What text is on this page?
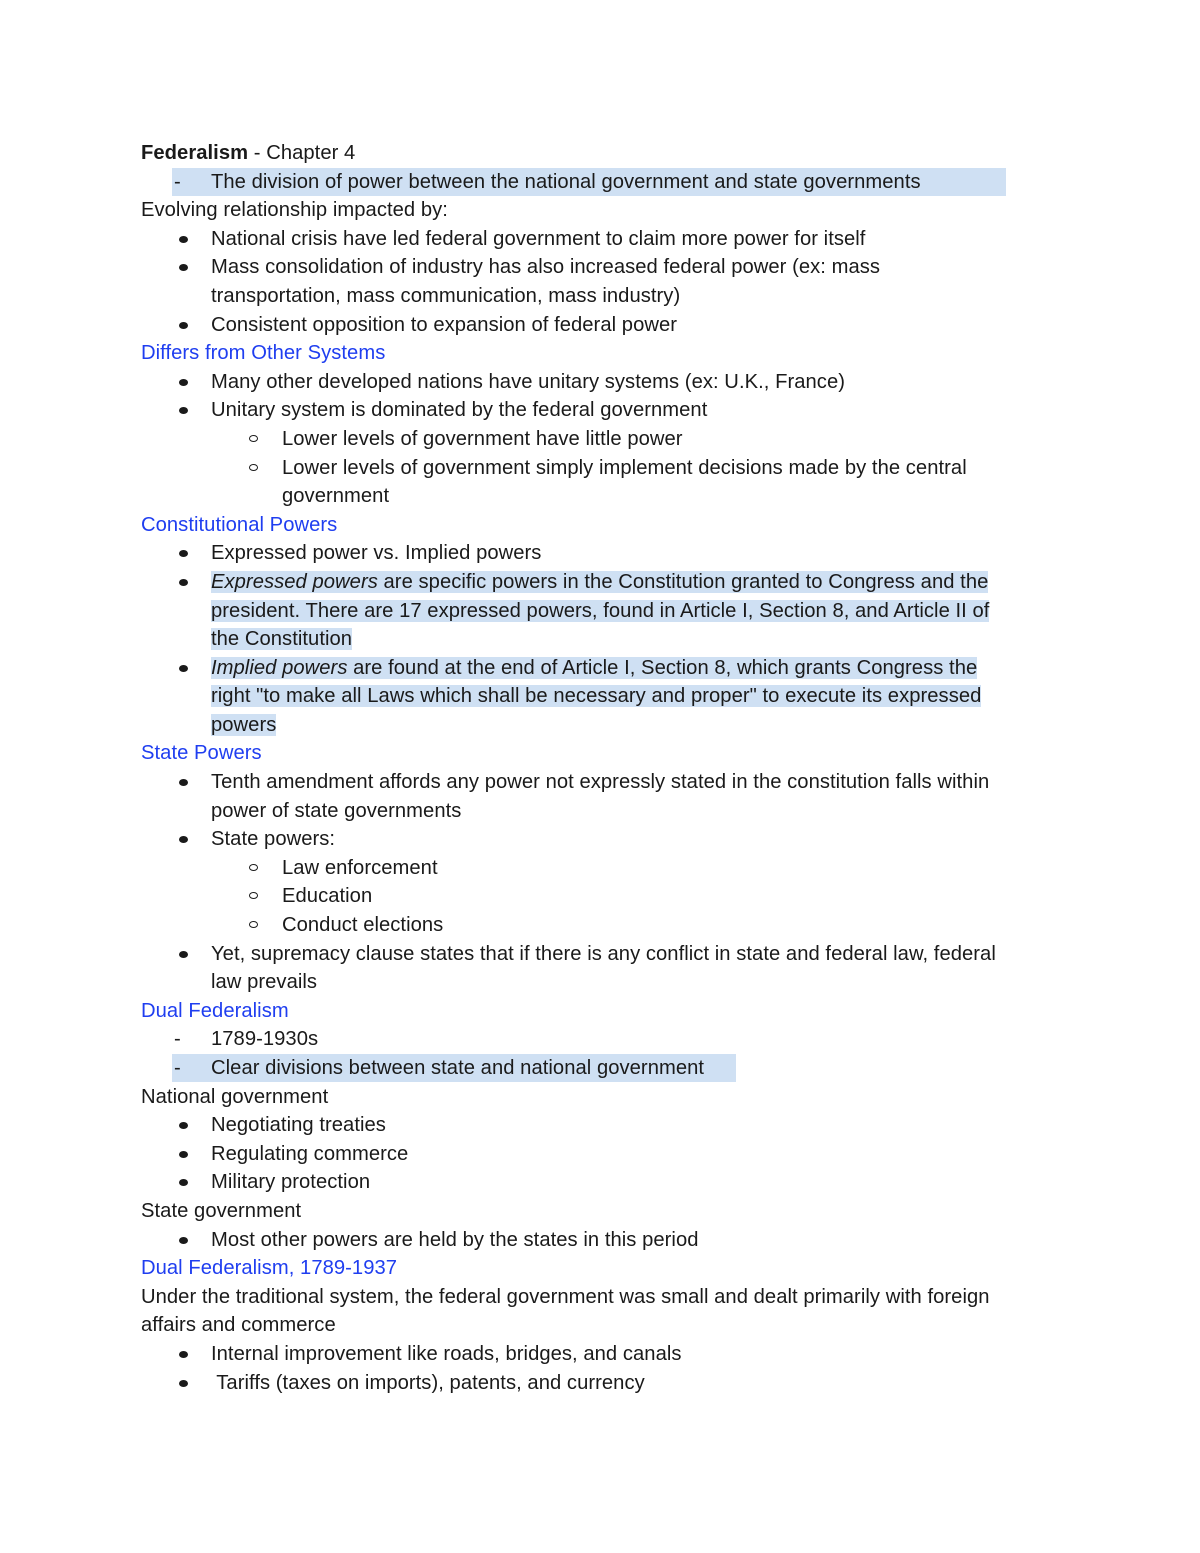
Federalism - Chapter 4
- The division of power between the national government and state governments
Evolving relationship impacted by:
National crisis have led federal government to claim more power for itself
Mass consolidation of industry has also increased federal power (ex: mass
transportation, mass communication, mass industry)
Consistent opposition to expansion of federal power
Differs from Other Systems
Many other developed nations have unitary systems (ex: U.K., France)
Unitary system is dominated by the federal government
Lower levels of government have little power
Lower levels of government simply implement decisions made by the central
government
Constitutional Powers
Expressed power vs. Implied powers
Expressed powers are specific powers in the Constitution granted to Congress and the
president. There are 17 expressed powers, found in Article I, Section 8, and Article II of
the Constitution
Implied powers are found at the end of Article I, Section 8, which grants Congress the
right "to make all Laws which shall be necessary and proper" to execute its expressed
powers
State Powers
Tenth amendment affords any power not expressly stated in the constitution falls within
power of state governments
State powers:
Law enforcement
Education
Conduct elections
Yet, supremacy clause states that if there is any conflict in state and federal law, federal
law prevails
Dual Federalism
- 1789-1930s
- Clear divisions between state and national government
National government
Negotiating treaties
Regulating commerce
Military protection
State government
Most other powers are held by the states in this period
Dual Federalism, 1789-1937
Under the traditional system, the federal government was small and dealt primarily with foreign
affairs and commerce
Internal improvement like roads, bridges, and canals
Tariffs (taxes on imports), patents, and currency
